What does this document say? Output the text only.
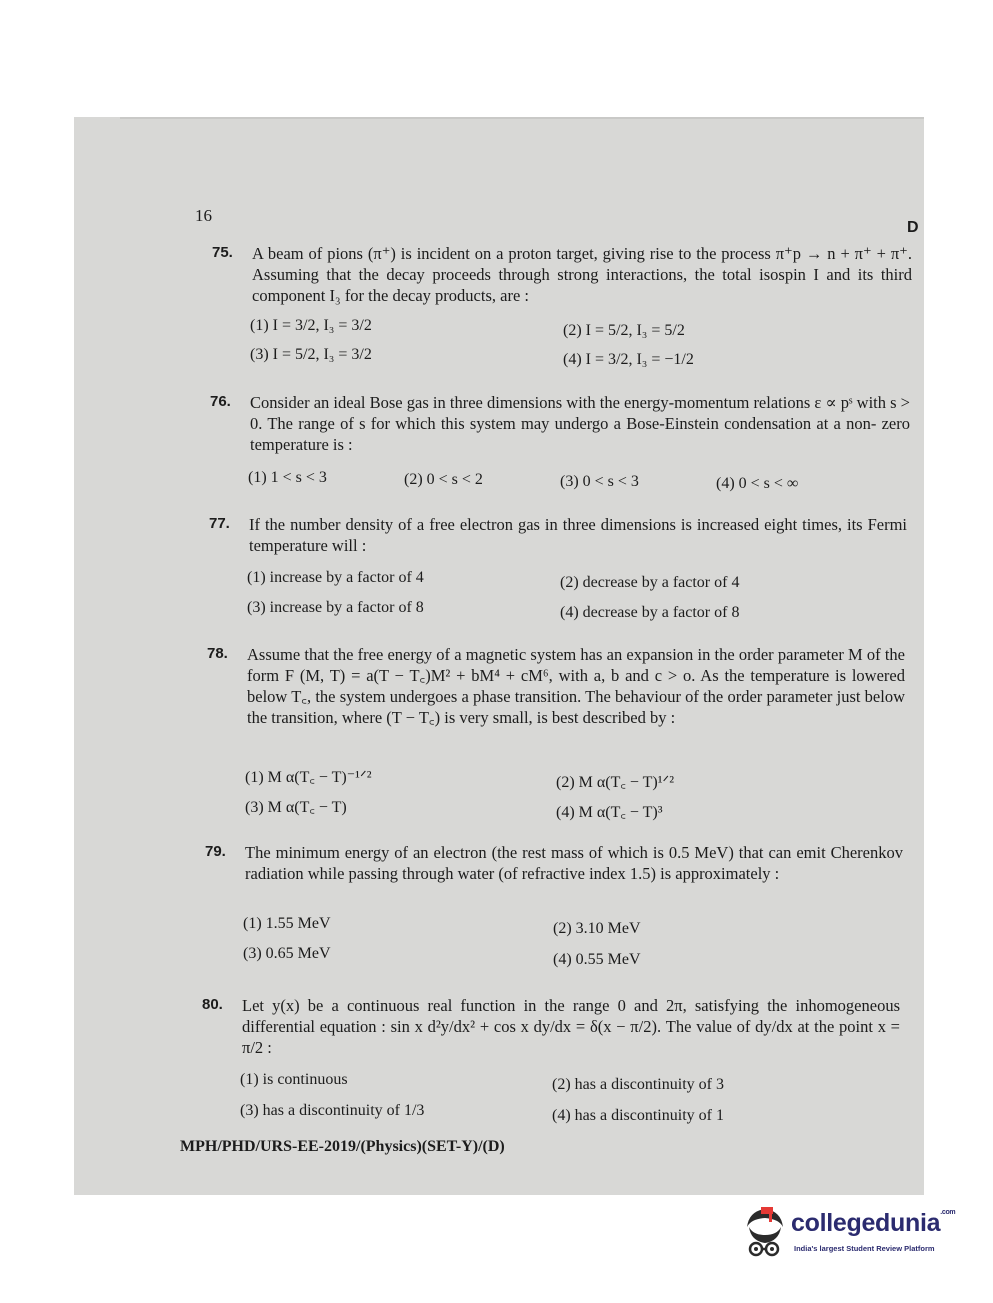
16
D
75. A beam of pions (π⁺) is incident on a proton target, giving rise to the process π⁺p → n + π⁺ + π⁺. Assuming that the decay proceeds through strong interactions, the total isospin I and its third component I₃ for the decay products, are :
(1) I = 3/2, I₃ = 3/2	(2) I = 5/2, I₃ = 5/2
(3) I = 5/2, I₃ = 3/2	(4) I = 3/2, I₃ = −1/2
76. Consider an ideal Bose gas in three dimensions with the energy-momentum relations ε ∝ pˢ with s > 0. The range of s for which this system may undergo a Bose-Einstein condensation at a non- zero temperature is :
(1) 1 < s < 3	(2) 0 < s < 2	(3) 0 < s < 3	(4) 0 < s < ∞
77. If the number density of a free electron gas in three dimensions is increased eight times, its Fermi temperature will :
(1) increase by a factor of 4	(2) decrease by a factor of 4
(3) increase by a factor of 8	(4) decrease by a factor of 8
78. Assume that the free energy of a magnetic system has an expansion in the order parameter M of the form F (M, T) = a(T − T꜀)M² + bM⁴ + cM⁶, with a, b and c > o. As the temperature is lowered below T꜀, the system undergoes a phase transition. The behaviour of the order parameter just below the transition, where (T − T꜀) is very small, is best described by :
(1) M α(T꜀ − T)⁻¹ᐟ²	(2) M α(T꜀ − T)¹ᐟ²
(3) M α(T꜀ − T)	(4) M α(T꜀ − T)³
79. The minimum energy of an electron (the rest mass of which is 0.5 MeV) that can emit Cherenkov radiation while passing through water (of refractive index 1.5) is approximately :
(1) 1.55 MeV	(2) 3.10 MeV
(3) 0.65 MeV	(4) 0.55 MeV
80. Let y(x) be a continuous real function in the range 0 and 2π, satisfying the inhomogeneous differential equation : sin x d²y/dx² + cos x dy/dx = δ(x − π/2). The value of dy/dx at the point x = π/2 :
(1) is continuous	(2) has a discontinuity of 3
(3) has a discontinuity of 1/3	(4) has a discontinuity of 1
MPH/PHD/URS-EE-2019/(Physics)(SET-Y)/(D)
collegedunia$^{.com}$
India's largest Student Review Platform
